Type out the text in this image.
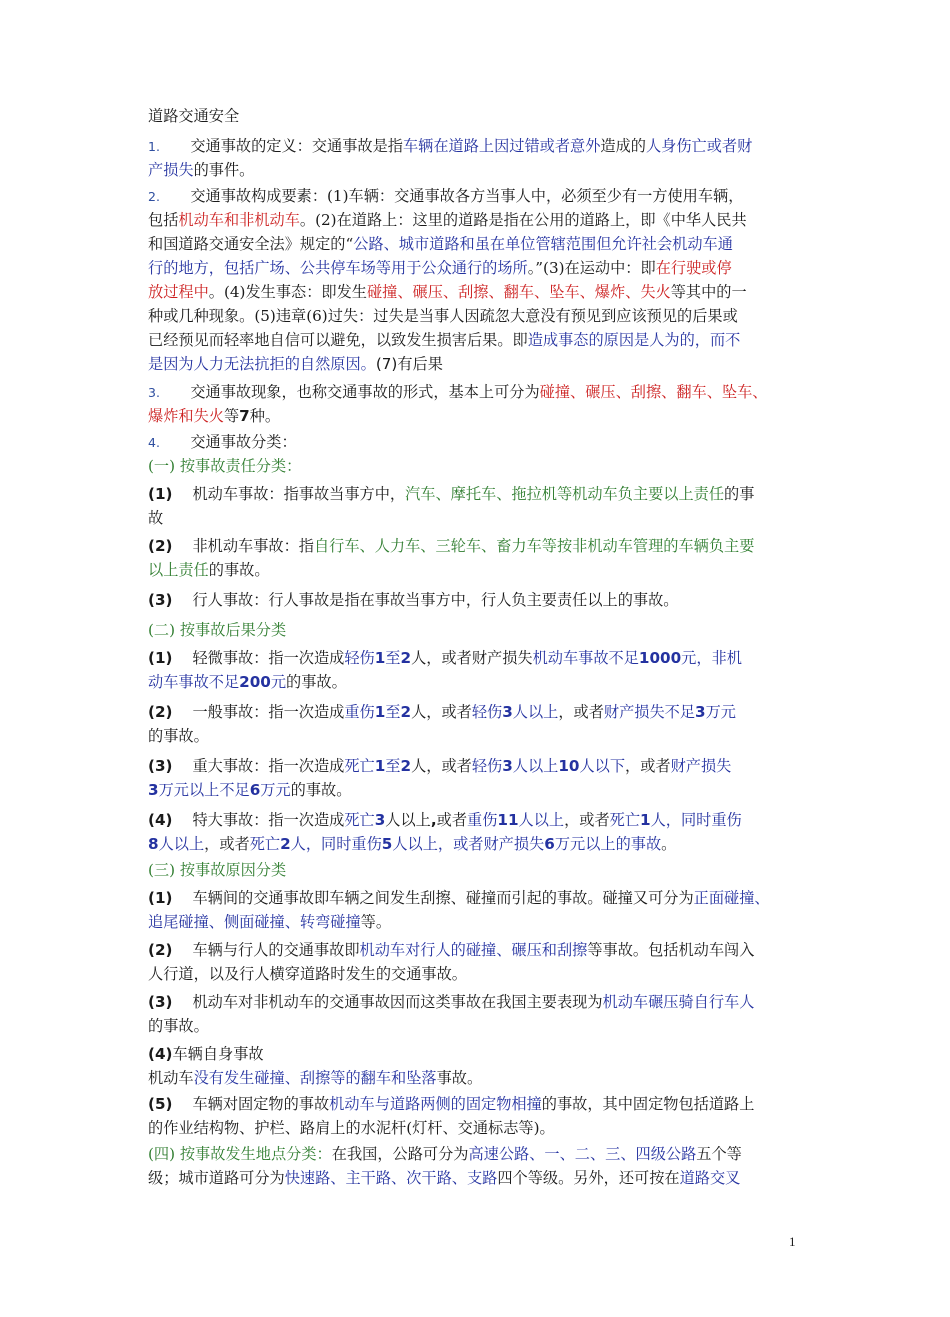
道路交通安全
1.　　交通事故的定义：交通事故是指车辆在道路上因过错或者意外造成的人身伤亡或者财
产损失的事件。
2.　　交通事故构成要素：(1)车辆：交通事故各方当事人中，必须至少有一方使用车辆，
包括机动车和非机动车。(2)在道路上：这里的道路是指在公用的道路上，即《中华人民共
和国道路交通安全法》规定的“公路、城市道路和虽在单位管辖范围但允许社会机动车通
行的地方，包括广场、公共停车场等用于公众通行的场所。”(3)在运动中：即在行驶或停
放过程中。(4)发生事态：即发生碰撞、碾压、刮擦、翻车、坠车、爆炸、失火等其中的一
种或几种现象。(5)违章(6)过失：过失是当事人因疏忽大意没有预见到应该预见的后果或
已经预见而轻率地自信可以避免，以致发生损害后果。即造成事态的原因是人为的，而不
是因为人力无法抗拒的自然原因。(7)有后果
3.　　交通事故现象，也称交通事故的形式，基本上可分为碰撞、碾压、刮擦、翻车、坠车、
爆炸和失火等7种。
4.　　交通事故分类：
(一) 按事故责任分类：
(1)　 机动车事故：指事故当事方中，汽车、摩托车、拖拉机等机动车负主要以上责任的事
故
(2)　 非机动车事故：指自行车、人力车、三轮车、畜力车等按非机动车管理的车辆负主要
以上责任的事故。
(3)　 行人事故：行人事故是指在事故当事方中，行人负主要责任以上的事故。
(二) 按事故后果分类
(1)　 轻微事故：指一次造成轻伤1至2人，或者财产损失机动车事故不足1000元，非机
动车事故不足200元的事故。
(2)　 一般事故：指一次造成重伤1至2人，或者轻伤3人以上，或者财产损失不足3万元
的事故。
(3)　 重大事故：指一次造成死亡1至2人，或者轻伤3人以上10人以下，或者财产损失
3万元以上不足6万元的事故。
(4)　 特大事故：指一次造成死亡3人以上,或者重伤11人以上，或者死亡1人，同时重伤
8人以上，或者死亡2人，同时重伤5人以上，或者财产损失6万元以上的事故。
(三) 按事故原因分类
(1)　 车辆间的交通事故即车辆之间发生刮擦、碰撞而引起的事故。碰撞又可分为正面碰撞、
追尾碰撞、侧面碰撞、转弯碰撞等。
(2)　 车辆与行人的交通事故即机动车对行人的碰撞、碾压和刮擦等事故。包括机动车闯入
人行道，以及行人横穿道路时发生的交通事故。
(3)　 机动车对非机动车的交通事故因而这类事故在我国主要表现为机动车碾压骑自行车人
的事故。
(4)车辆自身事故
机动车没有发生碰撞、刮擦等的翻车和坠落事故。
(5)　 车辆对固定物的事故机动车与道路两侧的固定物相撞的事故，其中固定物包括道路上
的作业结构物、护栏、路肩上的水泥杆(灯杆、交通标志等)。
(四) 按事故发生地点分类：在我国，公路可分为高速公路、一、二、三、四级公路五个等
级；城市道路可分为快速路、主干路、次干路、支路四个等级。另外，还可按在道路交叉
1
